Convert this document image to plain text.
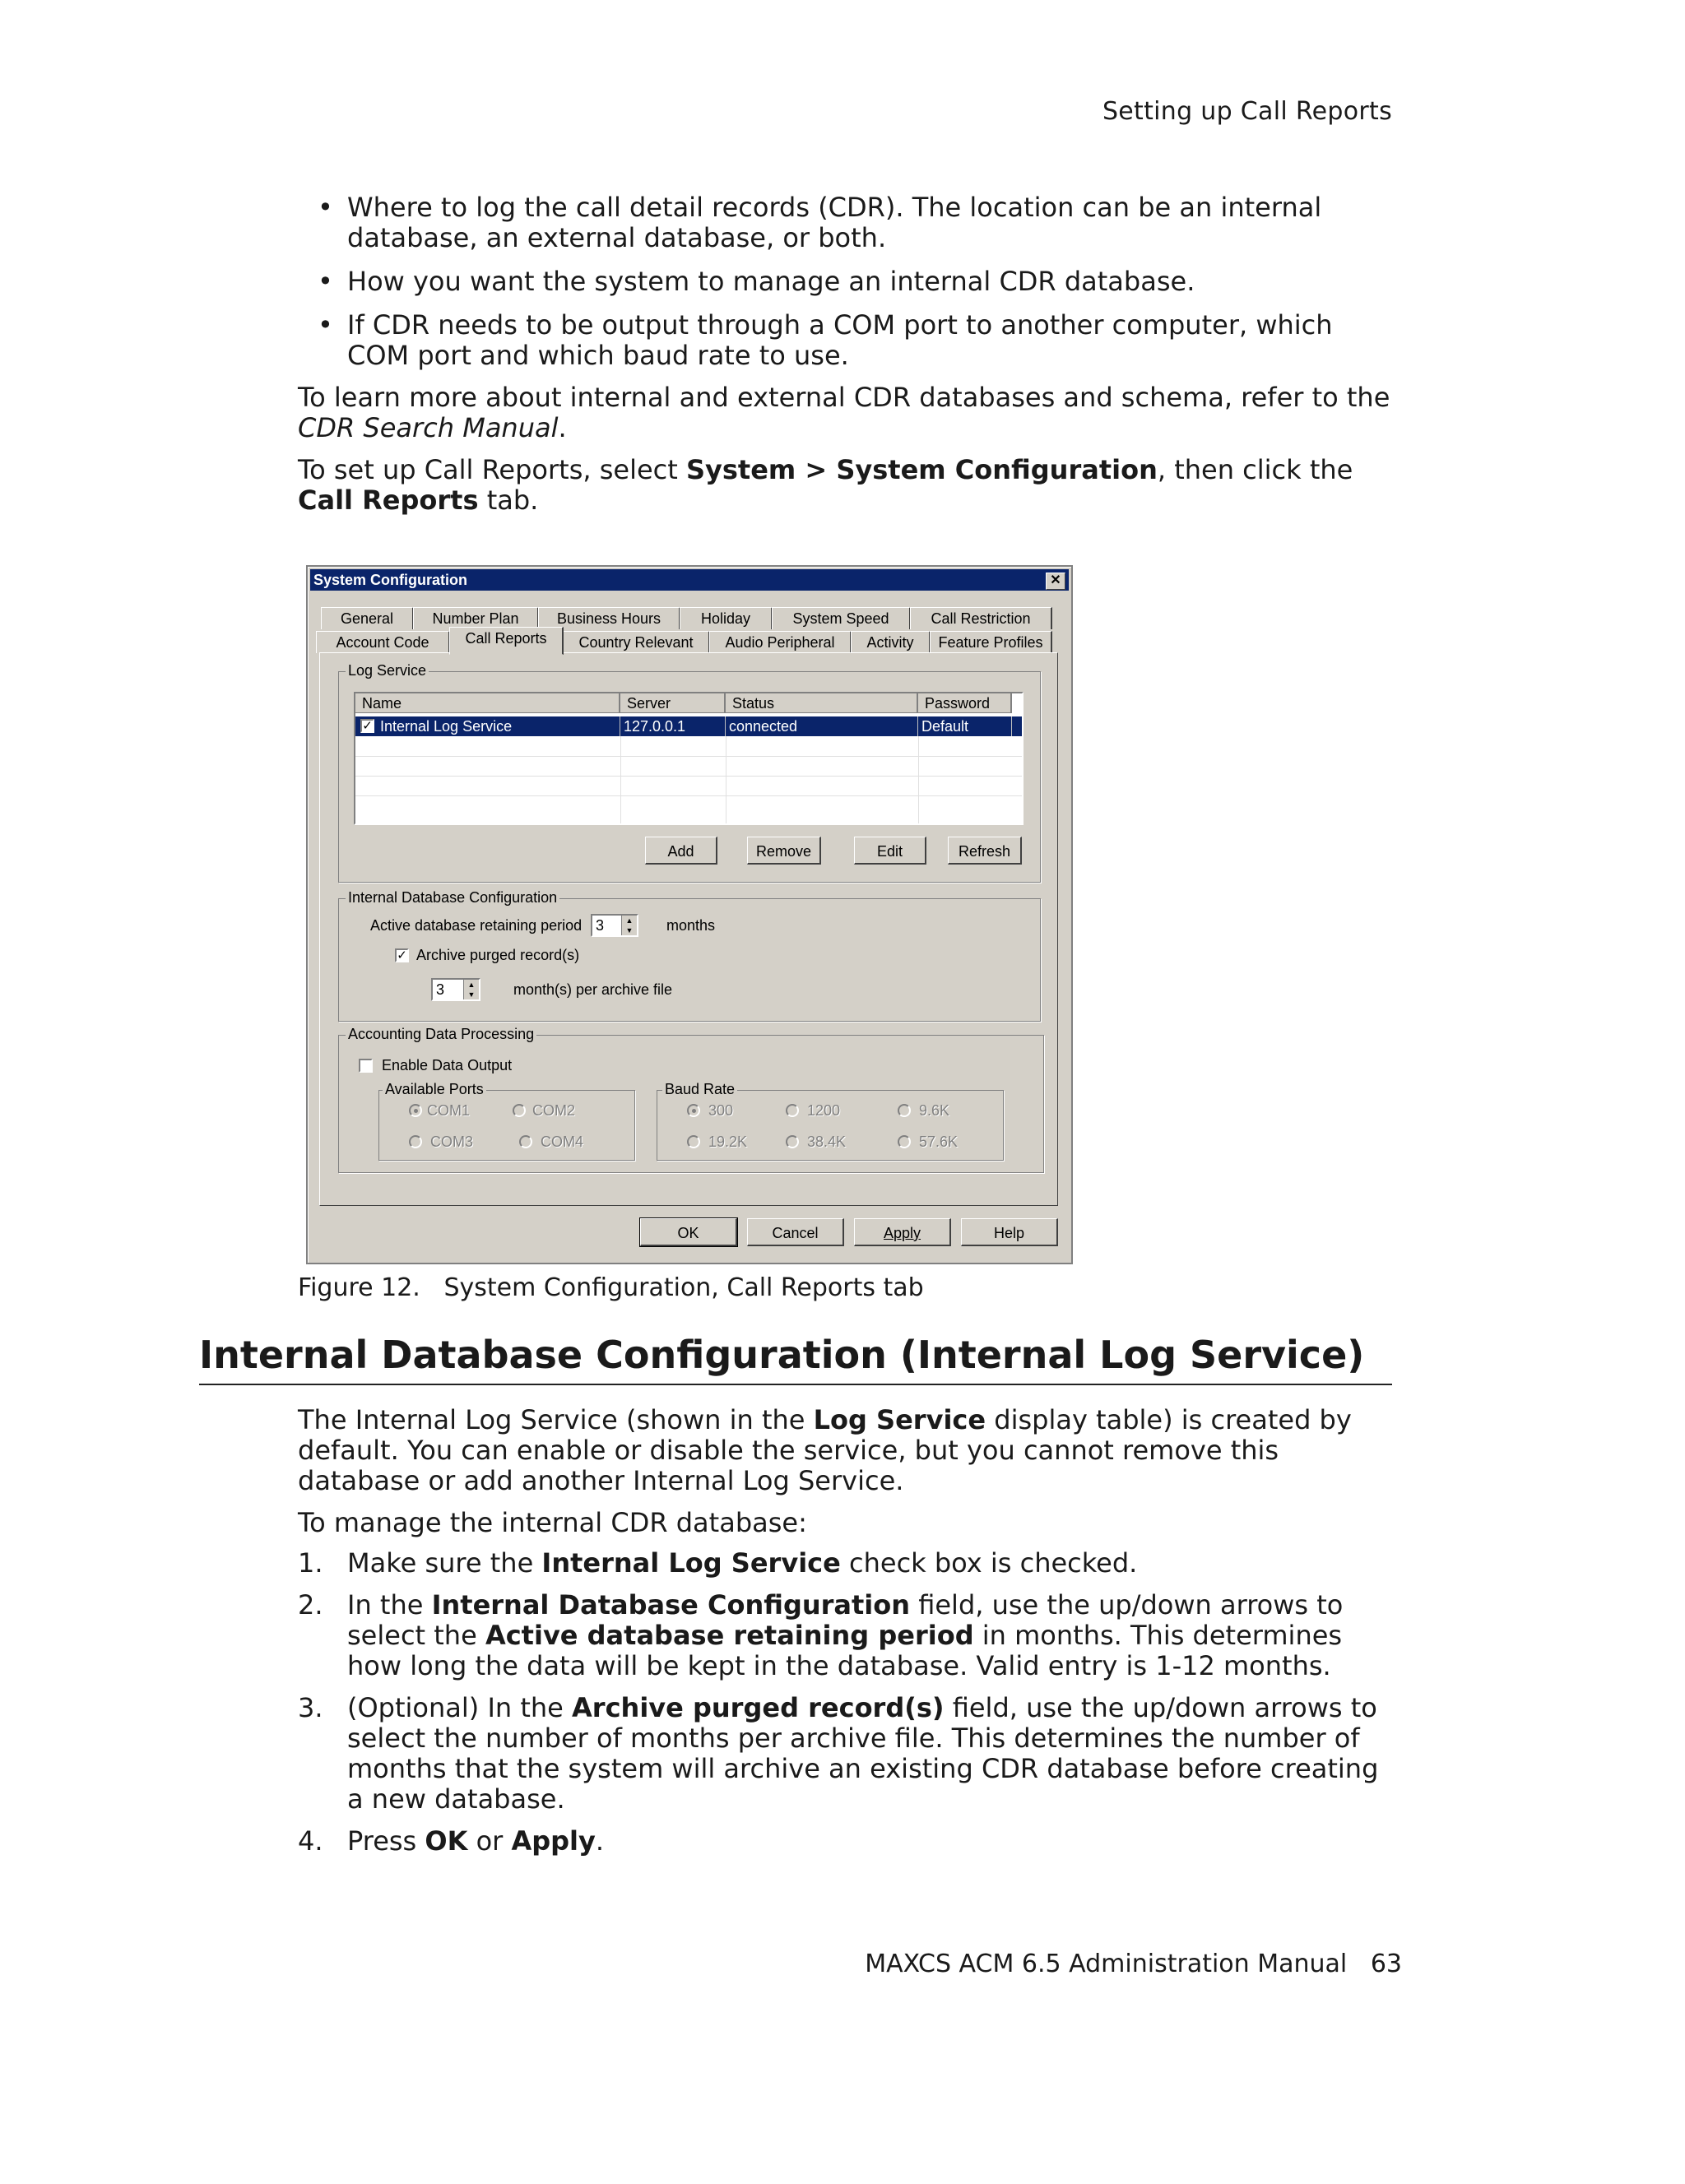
Setting up Call Reports
• Where to log the call detail records (CDR). The location can be an internal database, an external database, or both.
• How you want the system to manage an internal CDR database.
• If CDR needs to be output through a COM port to another computer, which COM port and which baud rate to use.

To learn more about internal and external CDR databases and schema, refer to the CDR Search Manual.

To set up Call Reports, select System > System Configuration, then click the Call Reports tab.

System Configuration	✕
General	Number Plan	Business Hours	Holiday	System Speed	Call Restriction
Account Code	Call Reports	Country Relevant	Audio Peripheral	Activity	Feature Profiles
Log Service
Name	Server	Status	Password
✓ Internal Log Service	127.0.0.1	connected	Default
Add	Remove	Edit	Refresh
Internal Database Configuration
Active database retaining period 3	▲
▼ months
✓ Archive purged record(s)
3	▲
▼	month(s) per archive file
Accounting Data Processing
Enable Data Output
Available Ports
COM1	COM2
COM3	COM4
Baud Rate
300	1200	9.6K
19.2K	38.4K	57.6K
OK	Cancel	Apply	Help
Figure 12.   System Configuration, Call Reports tab
Internal Database Configuration (Internal Log Service)

The Internal Log Service (shown in the Log Service display table) is created by default. You can enable or disable the service, but you cannot remove this database or add another Internal Log Service.

To manage the internal CDR database:

1. Make sure the Internal Log Service check box is checked.
2. In the Internal Database Configuration field, use the up/down arrows to select the Active database retaining period in months. This determines how long the data will be kept in the database. Valid entry is 1-12 months.
3. (Optional) In the Archive purged record(s) field, use the up/down arrows to select the number of months per archive file. This determines the number of months that the system will archive an existing CDR database before creating a new database.
4. Press OK or Apply.
MAXCS ACM 6.5 Administration Manual   63
